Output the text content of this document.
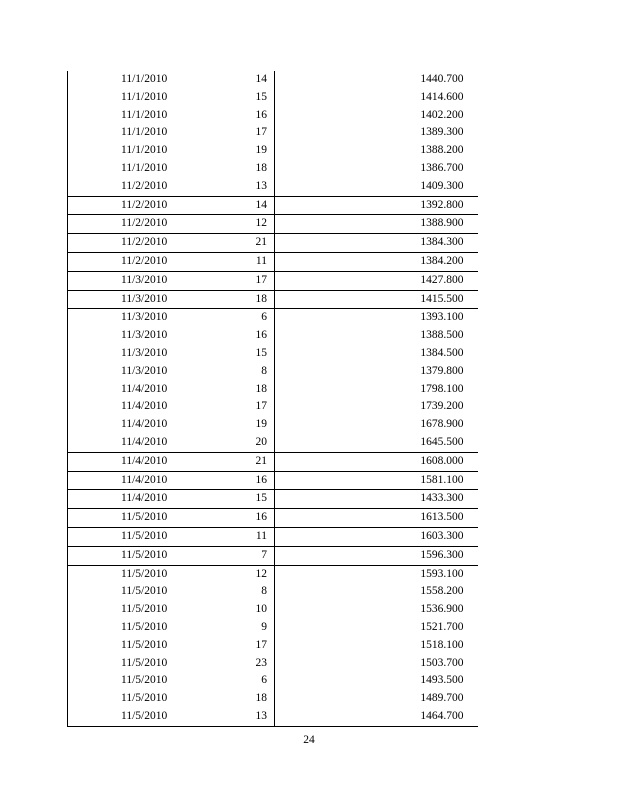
11/1/2010	14	1440.700
11/1/2010	15	1414.600
11/1/2010	16	1402.200
11/1/2010	17	1389.300
11/1/2010	19	1388.200
11/1/2010	18	1386.700
11/2/2010	13	1409.300
11/2/2010	14	1392.800
11/2/2010	12	1388.900
11/2/2010	21	1384.300
11/2/2010	11	1384.200
11/3/2010	17	1427.800
11/3/2010	18	1415.500
11/3/2010	6	1393.100
11/3/2010	16	1388.500
11/3/2010	15	1384.500
11/3/2010	8	1379.800
11/4/2010	18	1798.100
11/4/2010	17	1739.200
11/4/2010	19	1678.900
11/4/2010	20	1645.500
11/4/2010	21	1608.000
11/4/2010	16	1581.100
11/4/2010	15	1433.300
11/5/2010	16	1613.500
11/5/2010	11	1603.300
11/5/2010	7	1596.300
11/5/2010	12	1593.100
11/5/2010	8	1558.200
11/5/2010	10	1536.900
11/5/2010	9	1521.700
11/5/2010	17	1518.100
11/5/2010	23	1503.700
11/5/2010	6	1493.500
11/5/2010	18	1489.700
11/5/2010	13	1464.700
24
